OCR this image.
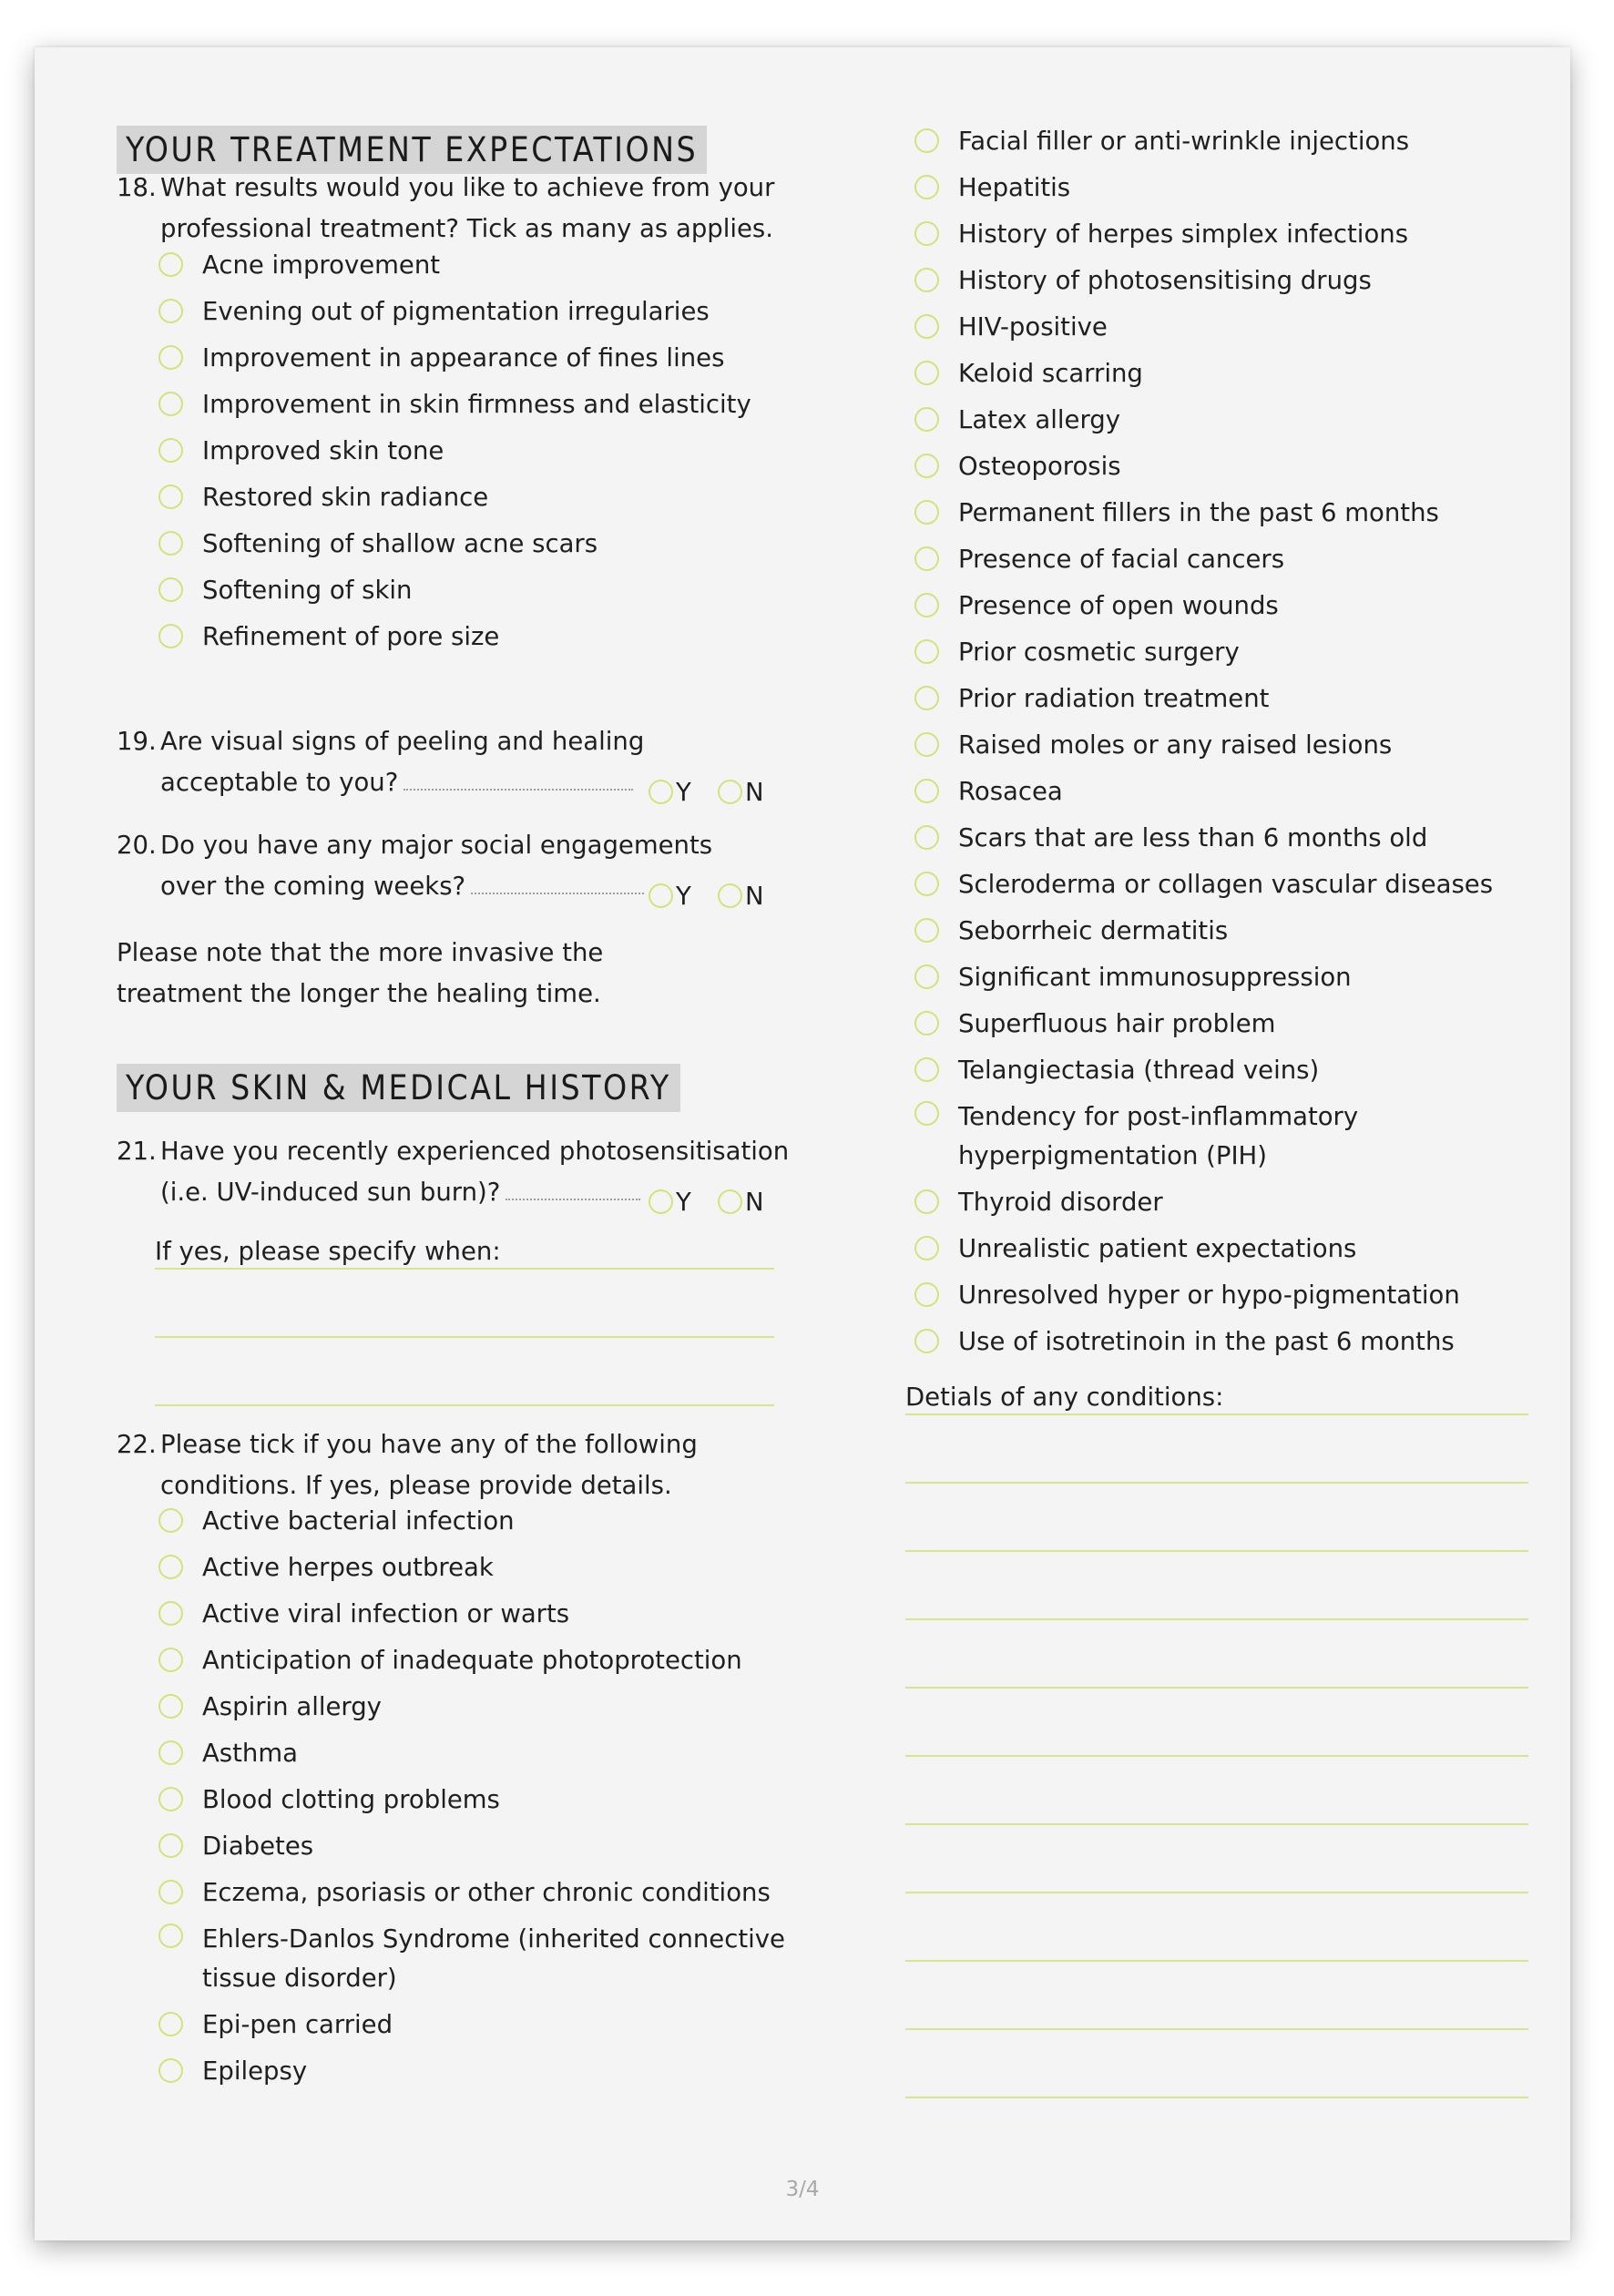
YOUR TREATMENT EXPECTATIONS
18. What results would you like to achieve from your professional treatment? Tick as many as applies.
Acne improvement
Evening out of pigmentation irregularies
Improvement in appearance of fines lines
Improvement in skin firmness and elasticity
Improved skin tone
Restored skin radiance
Softening of shallow acne scars
Softening of skin
Refinement of pore size
19. Are visual signs of peeling and healing
acceptable to you?	Y	N
20. Do you have any major social engagements
over the coming weeks?	Y	N
Please note that the more invasive the treatment the longer the healing time.
YOUR SKIN & MEDICAL HISTORY
21. Have you recently experienced photosensitisation
(i.e. UV-induced sun burn)?	Y	N
If yes, please specify when:
22. Please tick if you have any of the following conditions. If yes, please provide details.
Active bacterial infection
Active herpes outbreak
Active viral infection or warts
Anticipation of inadequate photoprotection
Aspirin allergy
Asthma
Blood clotting problems
Diabetes
Eczema, psoriasis or other chronic conditions
Ehlers-Danlos Syndrome (inherited connective tissue disorder)
Epi-pen carried
Epilepsy
Facial filler or anti-wrinkle injections
Hepatitis
History of herpes simplex infections
History of photosensitising drugs
HIV-positive
Keloid scarring
Latex allergy
Osteoporosis
Permanent fillers in the past 6 months
Presence of facial cancers
Presence of open wounds
Prior cosmetic surgery
Prior radiation treatment
Raised moles or any raised lesions
Rosacea
Scars that are less than 6 months old
Scleroderma or collagen vascular diseases
Seborrheic dermatitis
Significant immunosuppression
Superfluous hair problem
Telangiectasia (thread veins)
Tendency for post-inflammatory hyperpigmentation (PIH)
Thyroid disorder
Unrealistic patient expectations
Unresolved hyper or hypo-pigmentation
Use of isotretinoin in the past 6 months
Detials of any conditions:
3/4
